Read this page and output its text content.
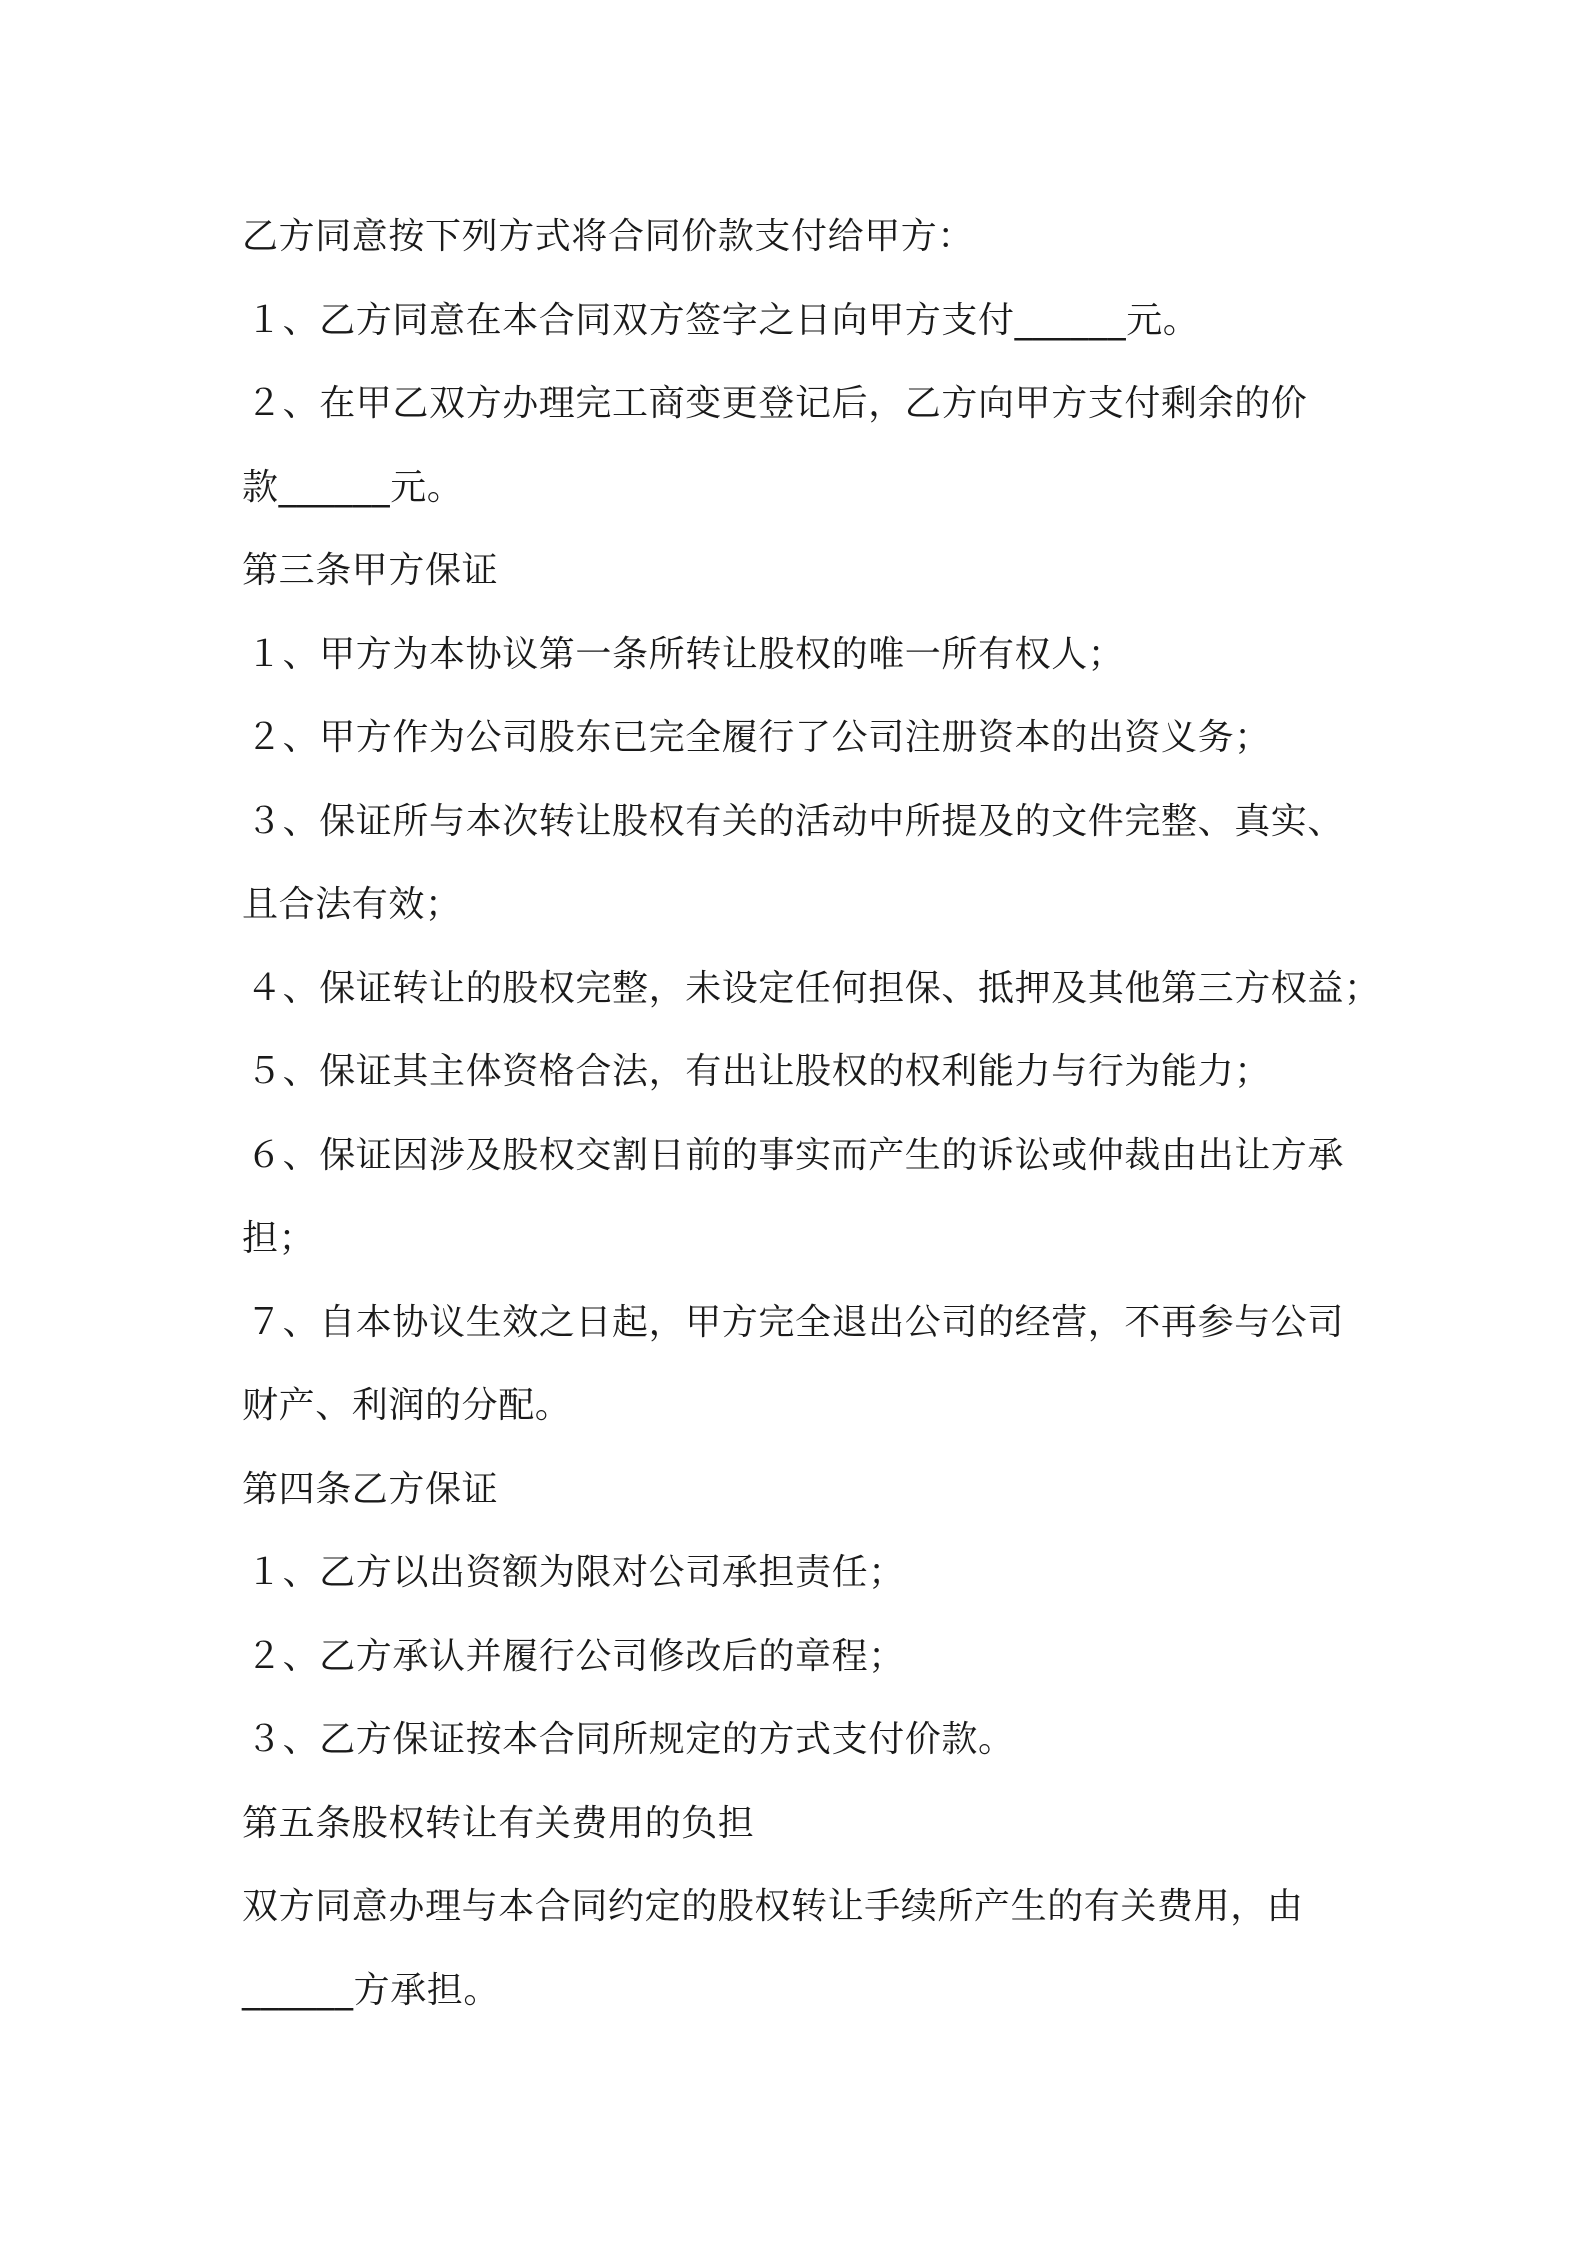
乙方同意按下列方式将合同价款支付给甲方：
１、乙方同意在本合同双方签字之日向甲方支付______元。
２、在甲乙双方办理完工商变更登记后，乙方向甲方支付剩余的价
款______元。
第三条甲方保证
１、甲方为本协议第一条所转让股权的唯一所有权人；
２、甲方作为公司股东已完全履行了公司注册资本的出资义务；
３、保证所与本次转让股权有关的活动中所提及的文件完整、真实、
且合法有效；
４、保证转让的股权完整，未设定任何担保、抵押及其他第三方权益；
５、保证其主体资格合法，有出让股权的权利能力与行为能力；
６、保证因涉及股权交割日前的事实而产生的诉讼或仲裁由出让方承
担；
７、自本协议生效之日起，甲方完全退出公司的经营，不再参与公司
财产、利润的分配。
第四条乙方保证
１、乙方以出资额为限对公司承担责任；
２、乙方承认并履行公司修改后的章程；
３、乙方保证按本合同所规定的方式支付价款。
第五条股权转让有关费用的负担
双方同意办理与本合同约定的股权转让手续所产生的有关费用，由
______方承担。
